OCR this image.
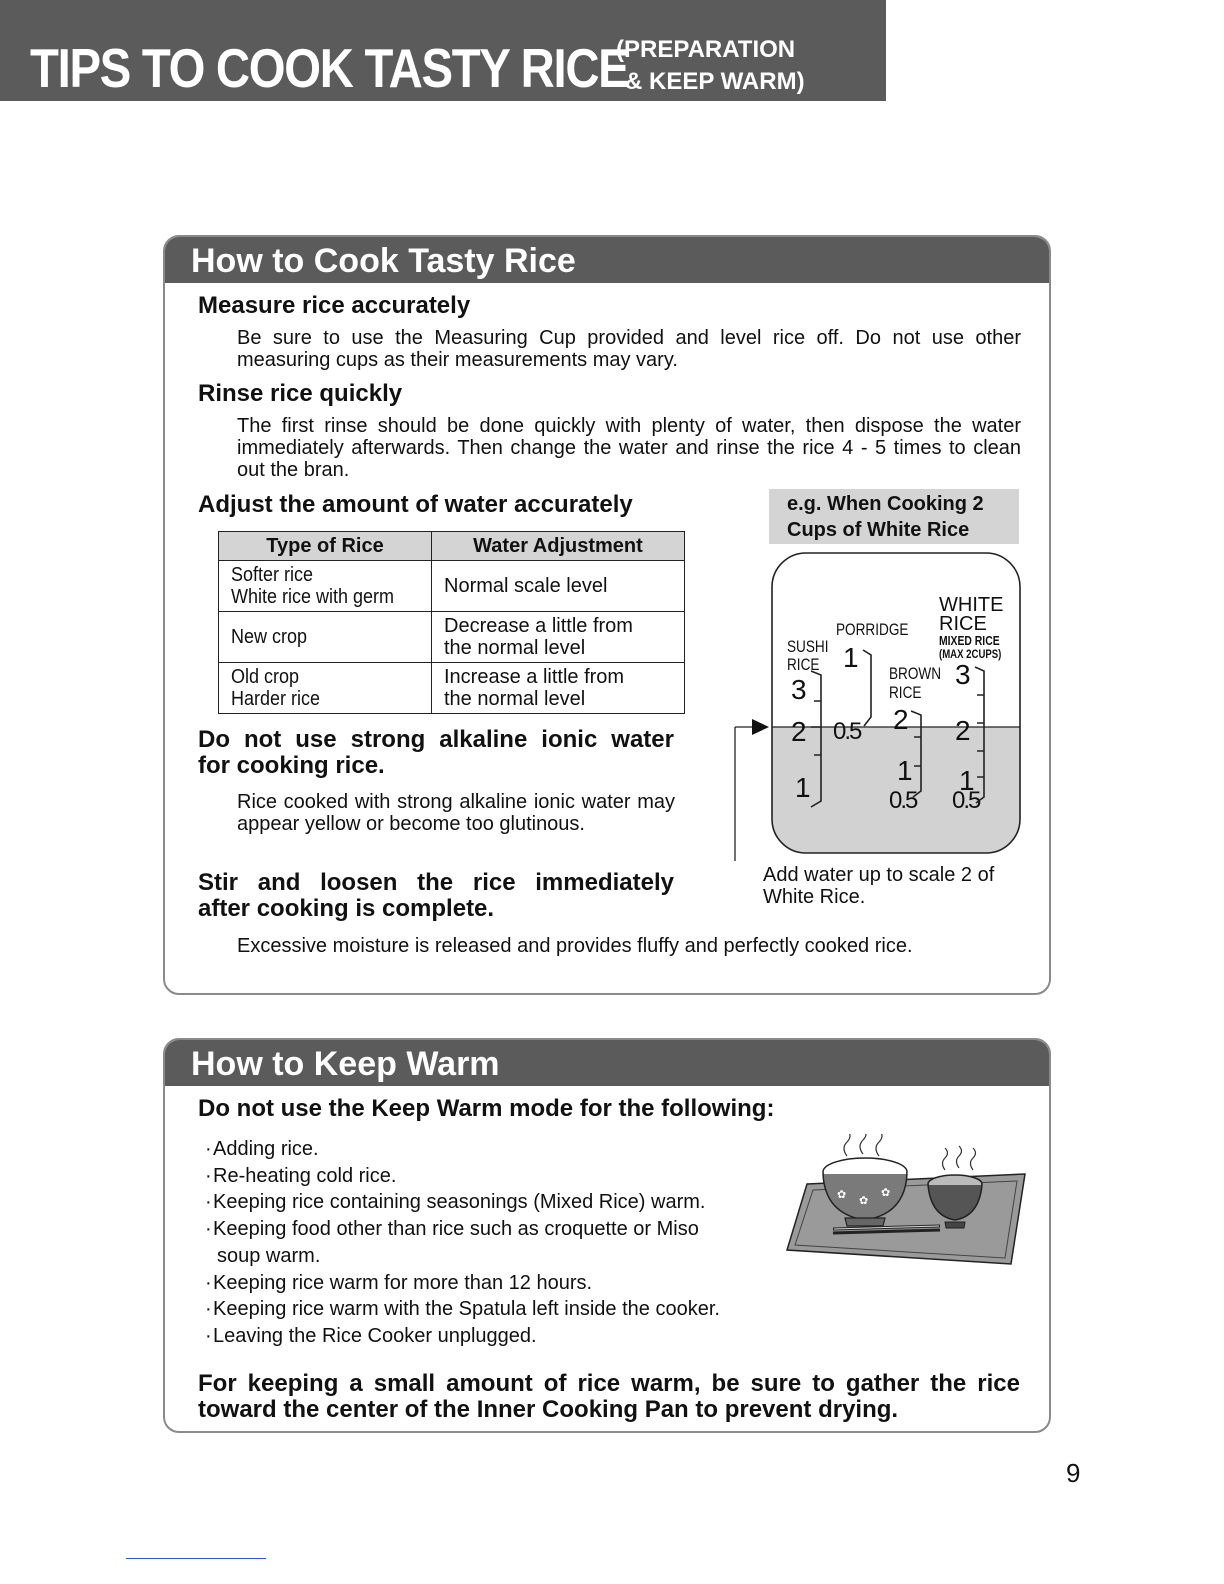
TIPS TO COOK TASTY RICE
(PREPARATION
& KEEP WARM)
How to Cook Tasty Rice
Measure rice accurately
Be sure to use the Measuring Cup provided and level rice off. Do not use other measuring cups as their measurements may vary.
Rinse rice quickly
The first rinse should be done quickly with plenty of water, then dispose the water immediately afterwards. Then change the water and rinse the rice 4 - 5 times to clean out the bran.
Adjust the amount of water accurately
Type of Rice	Water Adjustment
Softer rice
White rice with germ	Normal scale level
New crop	Decrease a little from
the normal level
Old crop
Harder rice	Increase a little from
the normal level
Do not use strong alkaline ionic water
for cooking rice.
Rice cooked with strong alkaline ionic water may appear yellow or become too glutinous.
Stir and loosen the rice immediately
after cooking is complete.
Excessive moisture is released and provides fluffy and perfectly cooked rice.
e.g. When Cooking 2
Cups of White Rice
SUSHI
RICE
PORRIDGE
BROWN
RICE
WHITE
RICE
MIXED RICE
(MAX 2CUPS)
3
2
1
1
0.5 2
1
0.5
3
2
1
0.5
Add water up to scale 2 of
White Rice.
How to Keep Warm
Do not use the Keep Warm mode for the following:
·Adding rice.
·Re-heating cold rice.
·Keeping rice containing seasonings (Mixed Rice) warm.
·Keeping food other than rice such as croquette or Miso
soup warm.
·Keeping rice warm for more than 12 hours.
·Keeping rice warm with the Spatula left inside the cooker.
·Leaving the Rice Cooker unplugged.
✿ ✿
✿
For keeping a small amount of rice warm, be sure to gather the rice
toward the center of the Inner Cooking Pan to prevent drying.
9
